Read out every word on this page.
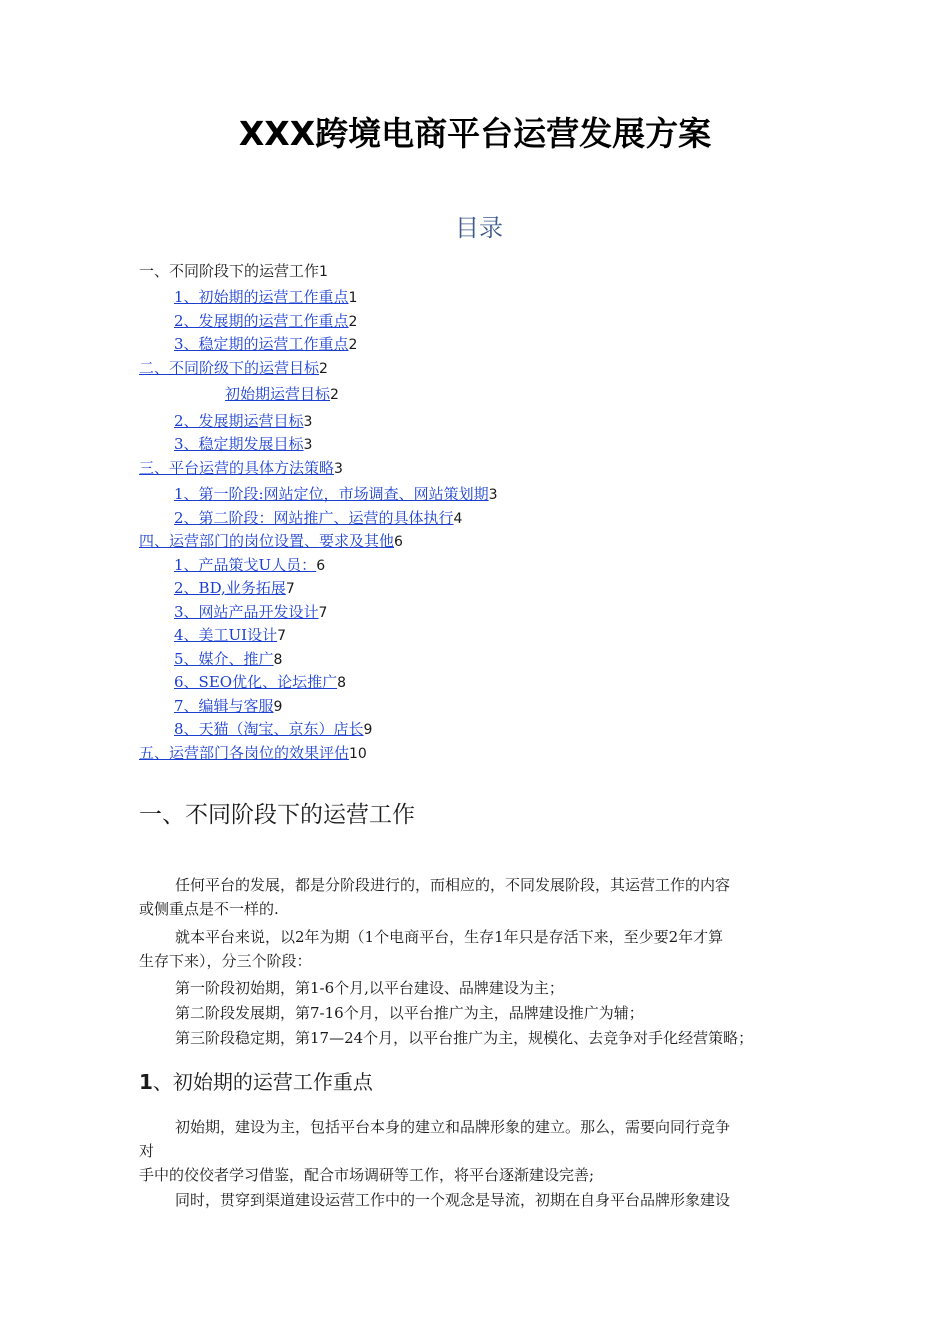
XXX跨境电商平台运营发展方案
目录
一、不同阶段下的运营工作1
1、初始期的运营工作重点1
2、发展期的运营工作重点2
3、稳定期的运营工作重点2
二、不同阶级下的运营目标2
初始期运营目标2
2、发展期运营目标3
3、稳定期发展目标3
三、平台运营的具体方法策略3
1、第一阶段:网站定位，市场调查、网站策划期3
2、第二阶段：网站推广、运营的具体执行4
四、运营部门的岗位设置、要求及其他6
1、产品策戈U人员：6
2、BD,业务拓展7
3、网站产品开发设计7
4、美工UI设计7
5、媒介、推广8
6、SEO优化、论坛推广8
7、编辑与客服9
8、天猫（淘宝、京东）店长9
五、运营部门各岗位的效果评估10
一、不同阶段下的运营工作
任何平台的发展，都是分阶段进行的，而相应的，不同发展阶段，其运营工作的内容
或侧重点是不一样的.
就本平台来说，以2年为期（1个电商平台，生存1年只是存活下来，至少要2年才算
生存下来），分三个阶段：
第一阶段初始期，第1-6个月,以平台建设、品牌建设为主；
第二阶段发展期，第7-16个月，以平台推广为主，品牌建设推广为辅；
第三阶段稳定期，第17—24个月，以平台推广为主，规模化、去竞争对手化经营策略；
1、初始期的运营工作重点
初始期，建设为主，包括平台本身的建立和品牌形象的建立。那么，需要向同行竞争
对
手中的佼佼者学习借鉴，配合市场调研等工作，将平台逐渐建设完善;
同时，贯穿到渠道建设运营工作中的一个观念是导流，初期在自身平台品牌形象建设
